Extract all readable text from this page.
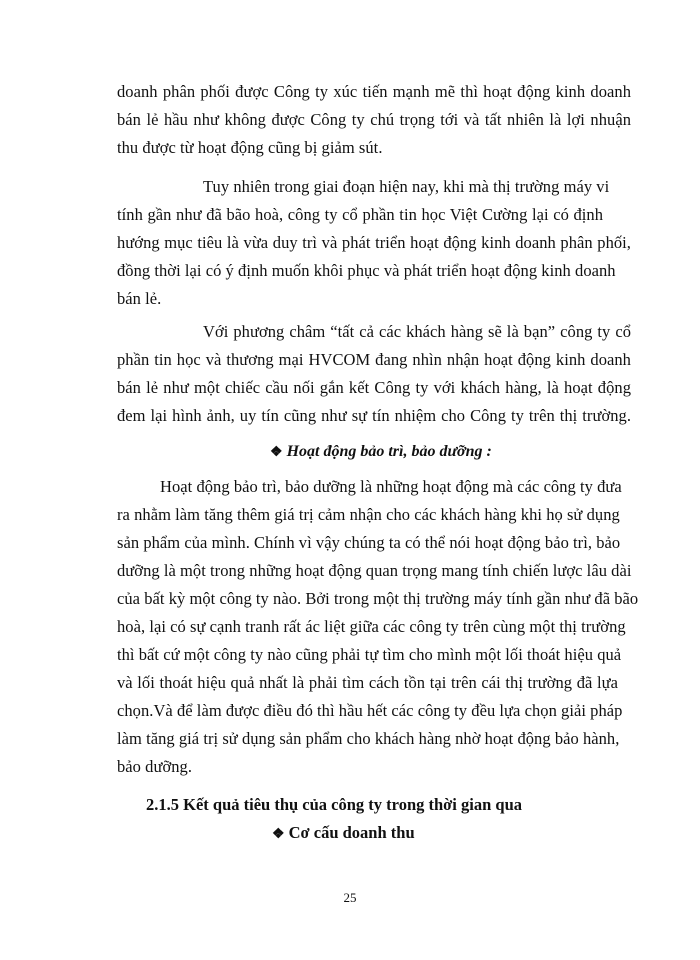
doanh phân phối được Công ty xúc tiến mạnh mẽ thì hoạt động kinh doanh
bán lẻ hầu như không được Công ty chú trọng tới và tất nhiên là lợi nhuận
thu được từ hoạt động cũng bị giảm sút.
Tuy nhiên trong giai đoạn hiện nay, khi mà thị trường máy vi
tính gần như đã bão hoà, công ty cổ phần tin học Việt Cường lại có định
hướng mục tiêu là vừa duy trì và phát triển hoạt động kinh doanh phân phối,
đồng thời lại có ý định muốn khôi phục và phát triển hoạt động kinh doanh
bán lẻ.
Với phương châm “tất cả các khách hàng sẽ là bạn” công ty cổ
phần tin học và thương mại HVCOM đang nhìn nhận hoạt động kinh doanh
bán lẻ như một chiếc cầu nối gắn kết Công ty với khách hàng, là hoạt động
đem lại hình ảnh, uy tín cũng như sự tín nhiệm cho Công ty trên thị trường.
❖ Hoạt động bảo trì, bảo dưỡng :
Hoạt động bảo trì, bảo dưỡng là những hoạt động mà các công ty đưa
ra nhằm làm tăng thêm giá trị cảm nhận cho các khách hàng khi họ sử dụng
sản phẩm của mình. Chính vì vậy chúng ta có thể nói hoạt động bảo trì, bảo
dưỡng là một trong những hoạt động quan trọng mang tính chiến lược lâu dài
của bất kỳ một công ty nào. Bởi trong một thị trường máy tính gần như đã bão
hoà, lại có sự cạnh tranh rất ác liệt giữa các công ty trên cùng một thị trường
thì bất cứ một công ty nào cũng phải tự tìm cho mình một lối thoát hiệu quả
và lối thoát hiệu quả nhất là phải tìm cách tồn tại trên cái thị trường đã lựa
chọn.Và để làm được điều đó thì hầu hết các công ty đều lựa chọn giải pháp
làm tăng giá trị sử dụng sản phẩm cho khách hàng nhờ hoạt động bảo hành,
bảo dưỡng.
2.1.5 Kết quả tiêu thụ của công ty trong thời gian qua
❖ Cơ cấu doanh thu
25
